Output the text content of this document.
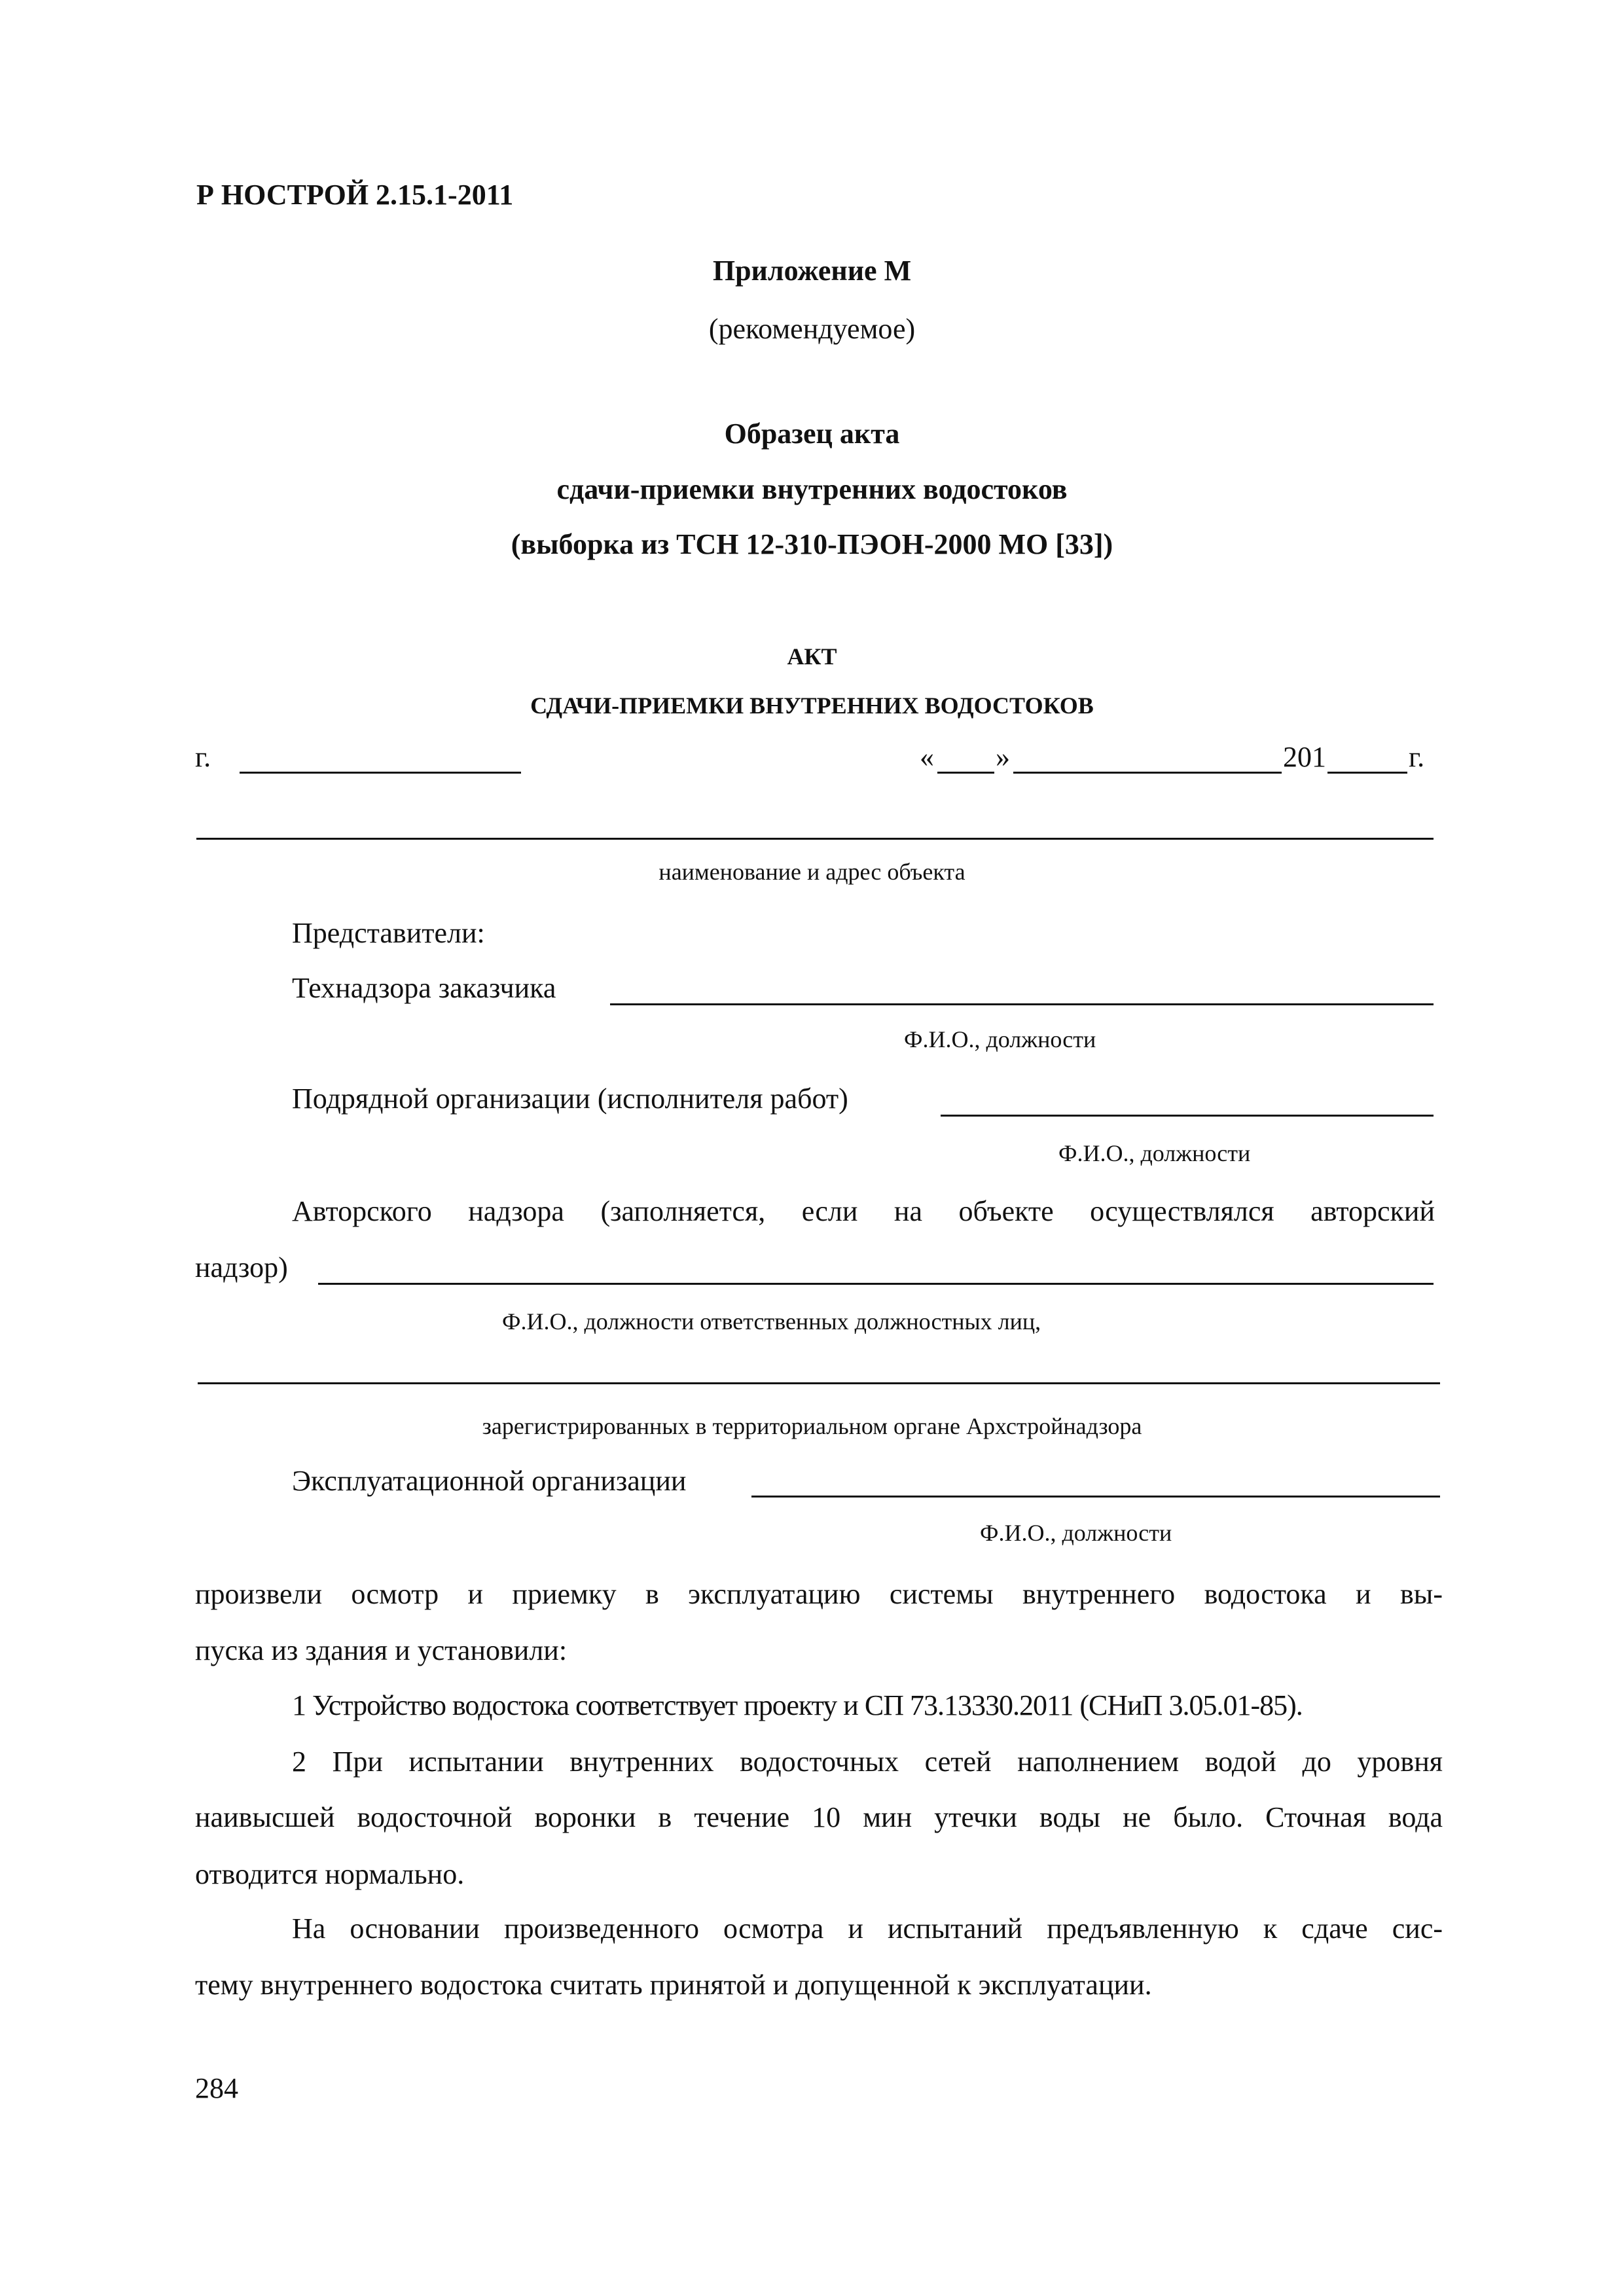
Р НОСТРОЙ 2.15.1-2011
Приложение М
(рекомендуемое)
Образец акта
сдачи-приемки внутренних водостоков
(выборка из ТСН 12-310-ПЭОН-2000 МО [33])
АКТ
СДАЧИ-ПРИЕМКИ ВНУТРЕННИХ ВОДОСТОКОВ
г.	« »	201	г.
наименование и адрес объекта
Представители:
Технадзора заказчика
Ф.И.О., должности
Подрядной организации (исполнителя работ)
Ф.И.О., должности
Авторского надзора (заполняется, если на объекте осуществлялся авторский
надзор)
Ф.И.О., должности ответственных должностных лиц,
зарегистрированных в территориальном органе Архстройнадзора
Эксплуатационной организации
Ф.И.О., должности
произвели осмотр и приемку в эксплуатацию системы внутреннего водостока и вы-
пуска из здания и установили:
1 Устройство водостока соответствует проекту и СП 73.13330.2011 (СНиП 3.05.01-85).
2 При испытании внутренних водосточных сетей наполнением водой до уровня
наивысшей водосточной воронки в течение 10 мин утечки воды не было. Сточная вода
отводится нормально.
На основании произведенного осмотра и испытаний предъявленную к сдаче сис-
тему внутреннего водостока считать принятой и допущенной к эксплуатации.
284
